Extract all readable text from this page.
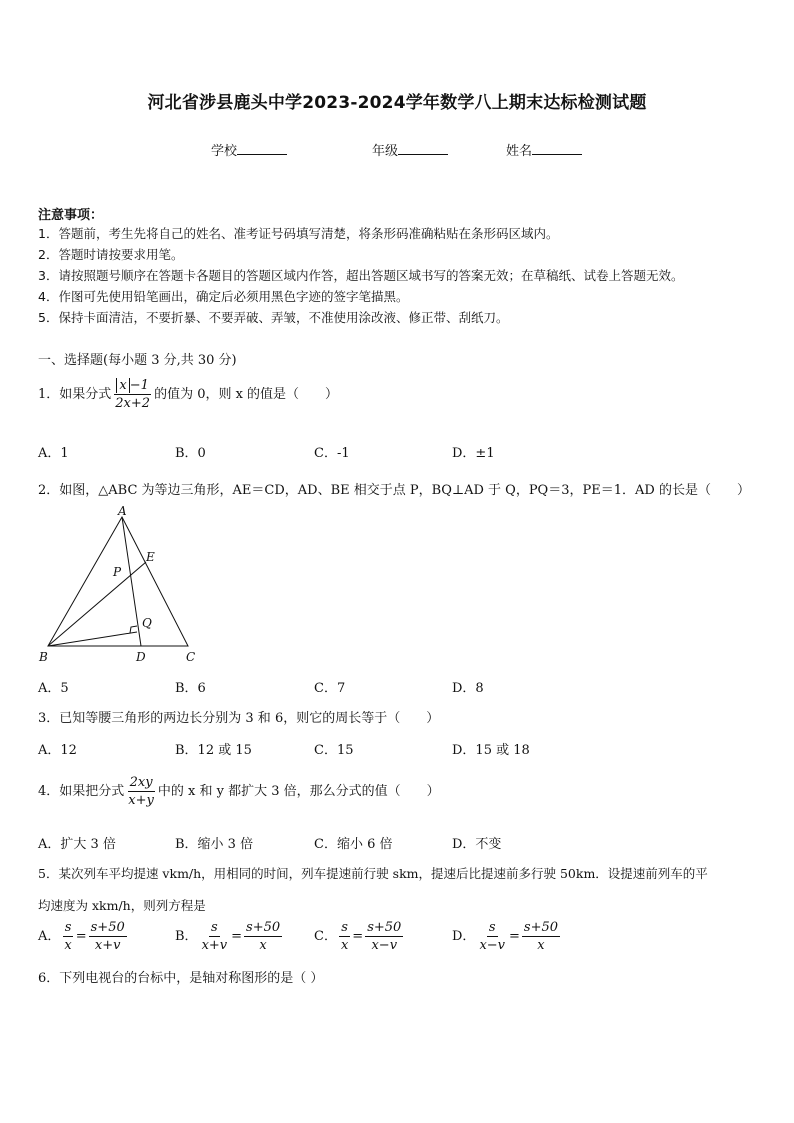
河北省涉县鹿头中学2023-2024学年数学八上期末达标检测试题
学校	年级	姓名
注意事项：
1．答题前，考生先将自己的姓名、准考证号码填写清楚，将条形码准确粘贴在条形码区域内。
2．答题时请按要求用笔。
3．请按照题号顺序在答题卡各题目的答题区域内作答，超出答题区域书写的答案无效；在草稿纸、试卷上答题无效。
4．作图可先使用铅笔画出，确定后必须用黑色字迹的签字笔描黑。
5．保持卡面清洁，不要折暴、不要弄破、弄皱，不准使用涂改液、修正带、刮纸刀。
一、选择题(每小题 3 分,共 30 分)
1．如果分式 $\frac{x -1}{2x+2}$ 的值为 0，则 x 的值是（　　）
A．1	B．0	C．-1	D．±1
2．如图，△ABC 为等边三角形，AE＝CD，AD、BE 相交于点 P，BQ⊥AD 于 Q，PQ＝3，PE＝1．AD 的长是（　　）
A
B	C
D
E
P
Q
A．5	B．6	C．7	D．8
3．已知等腰三角形的两边长分别为 3 和 6，则它的周长等于（　　）
A．12	B．12 或 15	C．15	D．15 或 18
4．如果把分式 $\frac{2xy}{x+y}$ 中的 x 和 y 都扩大 3 倍，那么分式的值（　　）
A．扩大 3 倍	B．缩小 3 倍	C．缩小 6 倍	D．不变
5．某次列车平均提速 vkm/h，用相同的时间，列车提速前行驶 skm，提速后比提速前多行驶 50km．设提速前列车的平
均速度为 xkm/h，则列方程是
A． $\frac{s}{x} = \frac{s+50}{x+v}$	B． $\frac{s}{x+v} = \frac{s+50}{x}$ C． $\frac{s}{x} = \frac{s+50}{x-v}$	D． $\frac{s}{x-v} = \frac{s+50}{x}$
6．下列电视台的台标中，是轴对称图形的是（ ）
